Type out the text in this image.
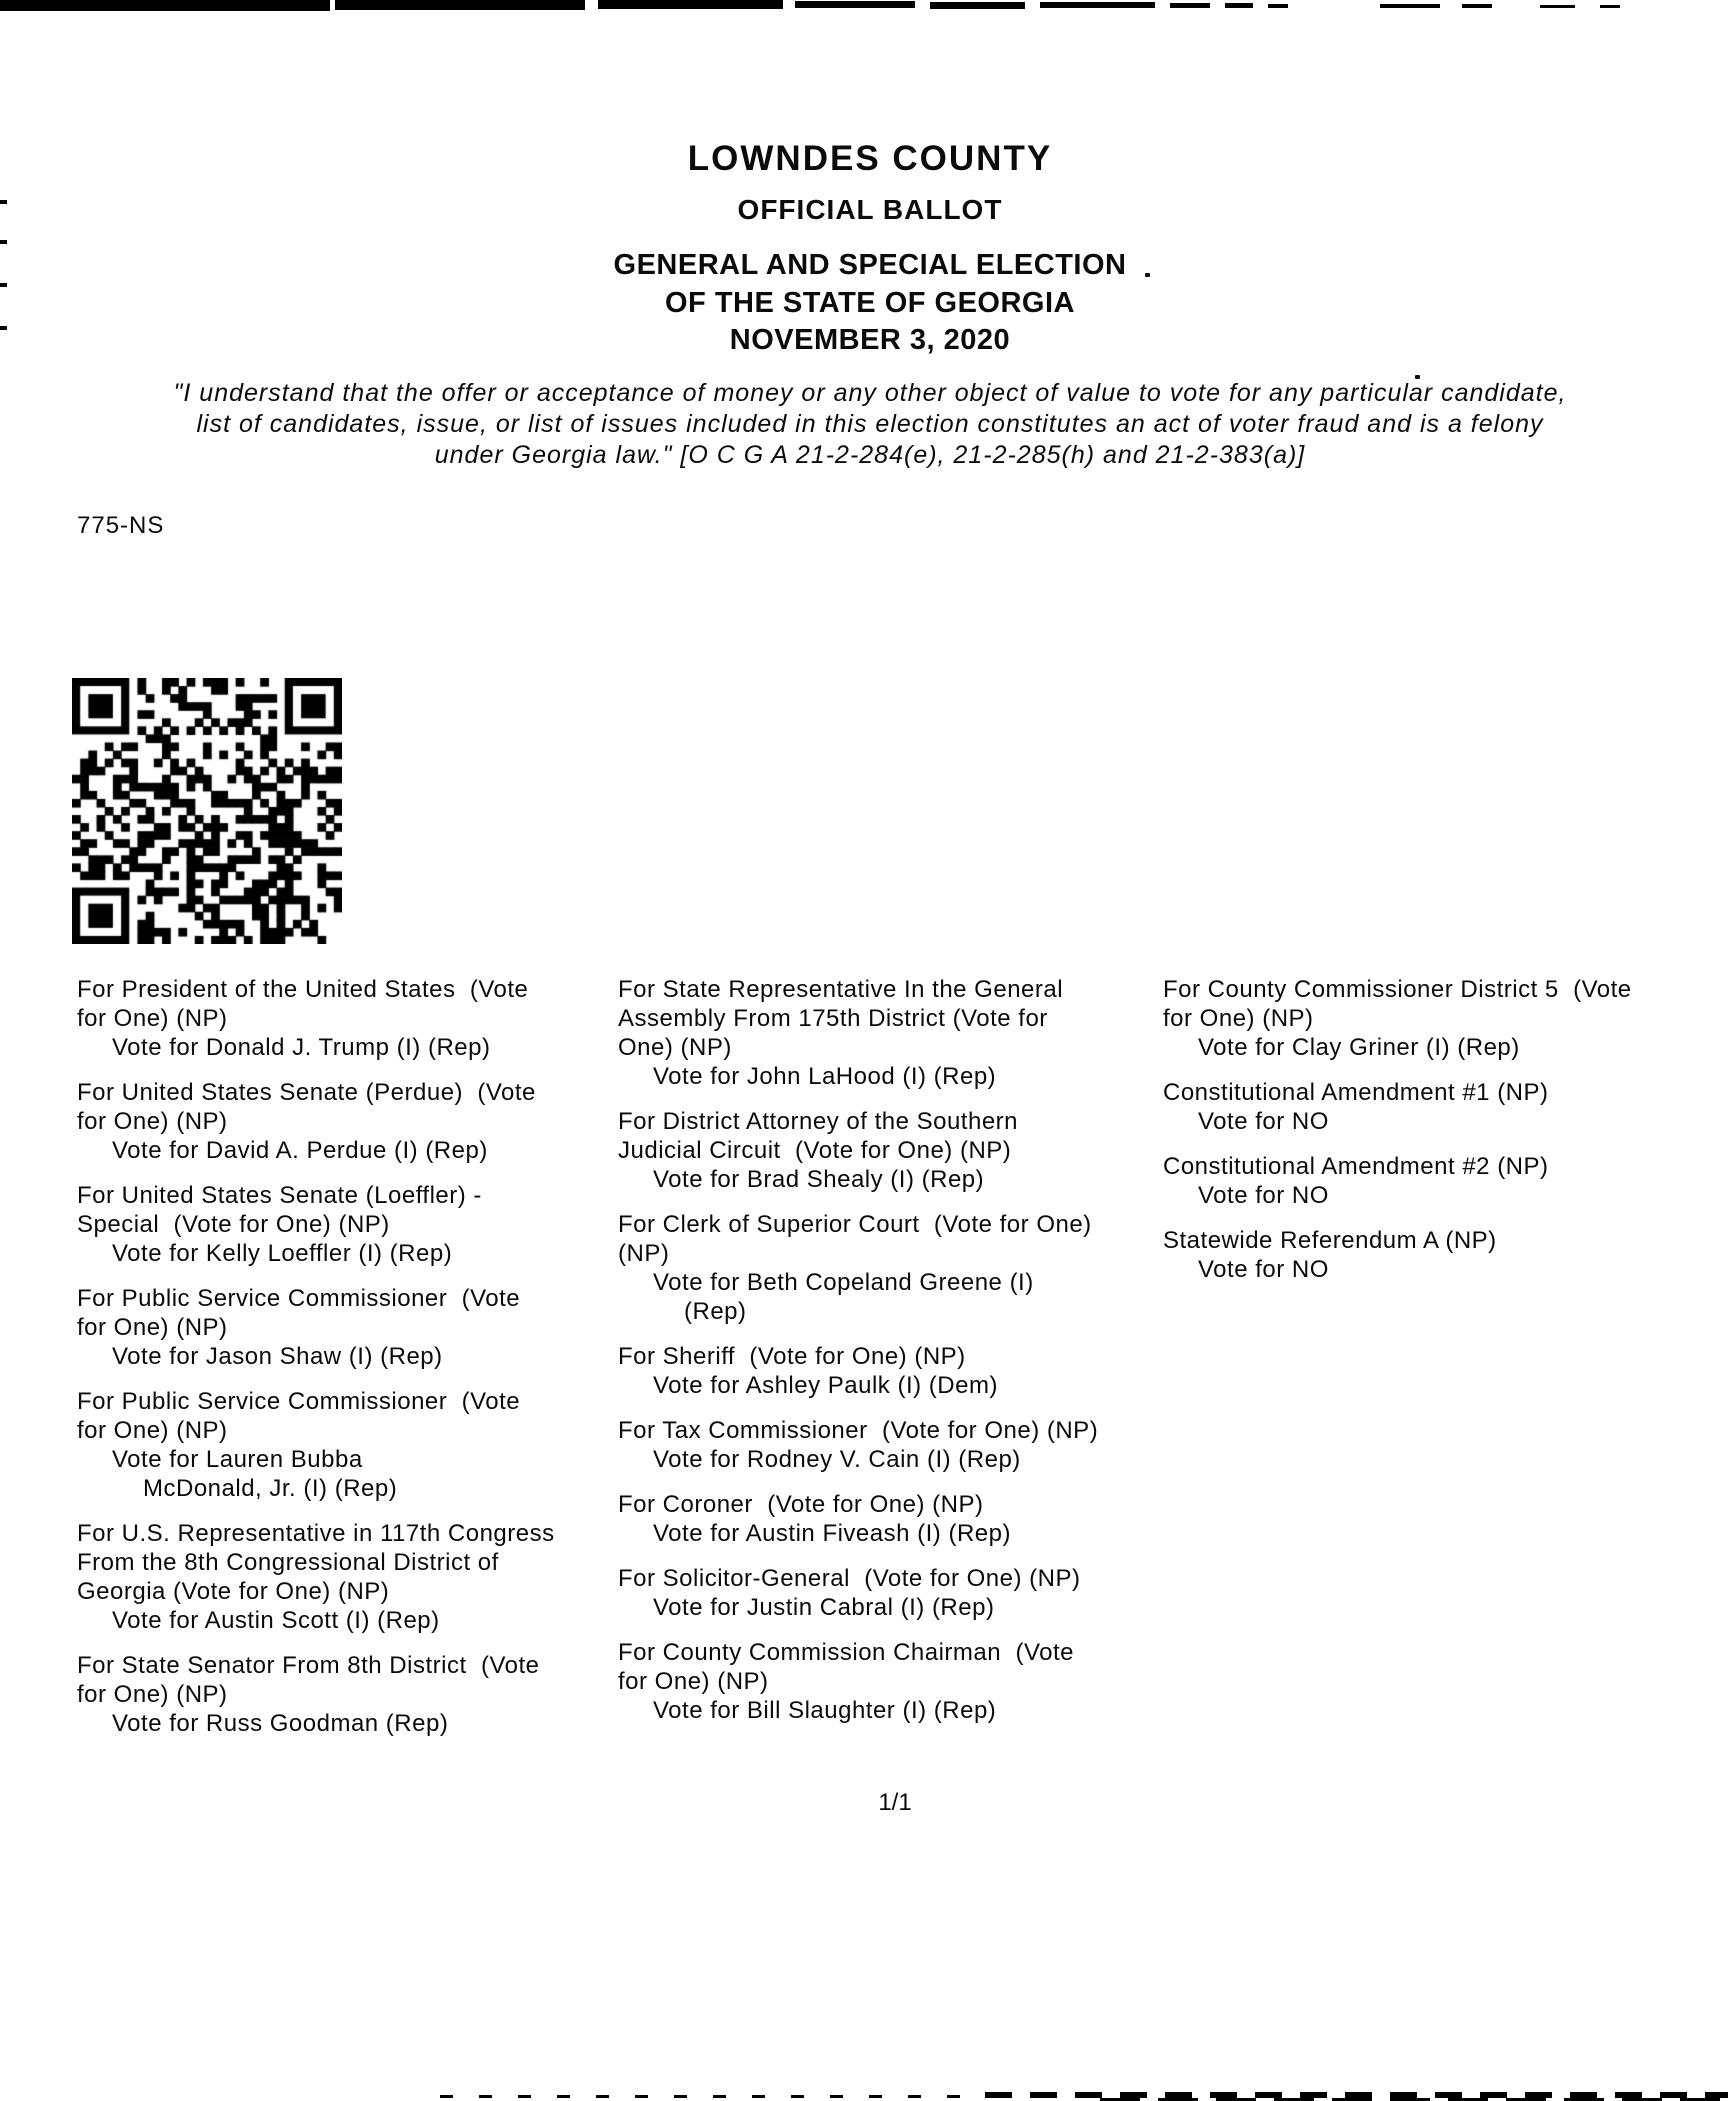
LOWNDES COUNTY
OFFICIAL BALLOT
GENERAL AND SPECIAL ELECTION
OF THE STATE OF GEORGIA
NOVEMBER 3, 2020
"I understand that the offer or acceptance of money or any other object of value to vote for any particular candidate,
list of candidates, issue, or list of issues included in this election constitutes an act of voter fraud and is a felony
under Georgia law." [O C G A 21-2-284(e), 21-2-285(h) and 21-2-383(a)]
775-NS
For President of the United States  (Vote
for One) (NP)
Vote for Donald J. Trump (I) (Rep)
For United States Senate (Perdue)  (Vote
for One) (NP)
Vote for David A. Perdue (I) (Rep)
For United States Senate (Loeffler) -
Special  (Vote for One) (NP)
Vote for Kelly Loeffler (I) (Rep)
For Public Service Commissioner  (Vote
for One) (NP)
Vote for Jason Shaw (I) (Rep)
For Public Service Commissioner  (Vote
for One) (NP)
Vote for Lauren Bubba
McDonald, Jr. (I) (Rep)
For U.S. Representative in 117th Congress
From the 8th Congressional District of
Georgia (Vote for One) (NP)
Vote for Austin Scott (I) (Rep)
For State Senator From 8th District  (Vote
for One) (NP)
Vote for Russ Goodman (Rep)
For State Representative In the General
Assembly From 175th District (Vote for
One) (NP)
Vote for John LaHood (I) (Rep)
For District Attorney of the Southern
Judicial Circuit  (Vote for One) (NP)
Vote for Brad Shealy (I) (Rep)
For Clerk of Superior Court  (Vote for One)
(NP)
Vote for Beth Copeland Greene (I)
(Rep)
For Sheriff  (Vote for One) (NP)
Vote for Ashley Paulk (I) (Dem)
For Tax Commissioner  (Vote for One) (NP)
Vote for Rodney V. Cain (I) (Rep)
For Coroner  (Vote for One) (NP)
Vote for Austin Fiveash (I) (Rep)
For Solicitor-General  (Vote for One) (NP)
Vote for Justin Cabral (I) (Rep)
For County Commission Chairman  (Vote
for One) (NP)
Vote for Bill Slaughter (I) (Rep)
For County Commissioner District 5  (Vote
for One) (NP)
Vote for Clay Griner (I) (Rep)
Constitutional Amendment #1 (NP)
Vote for NO
Constitutional Amendment #2 (NP)
Vote for NO
Statewide Referendum A (NP)
Vote for NO
1/1
